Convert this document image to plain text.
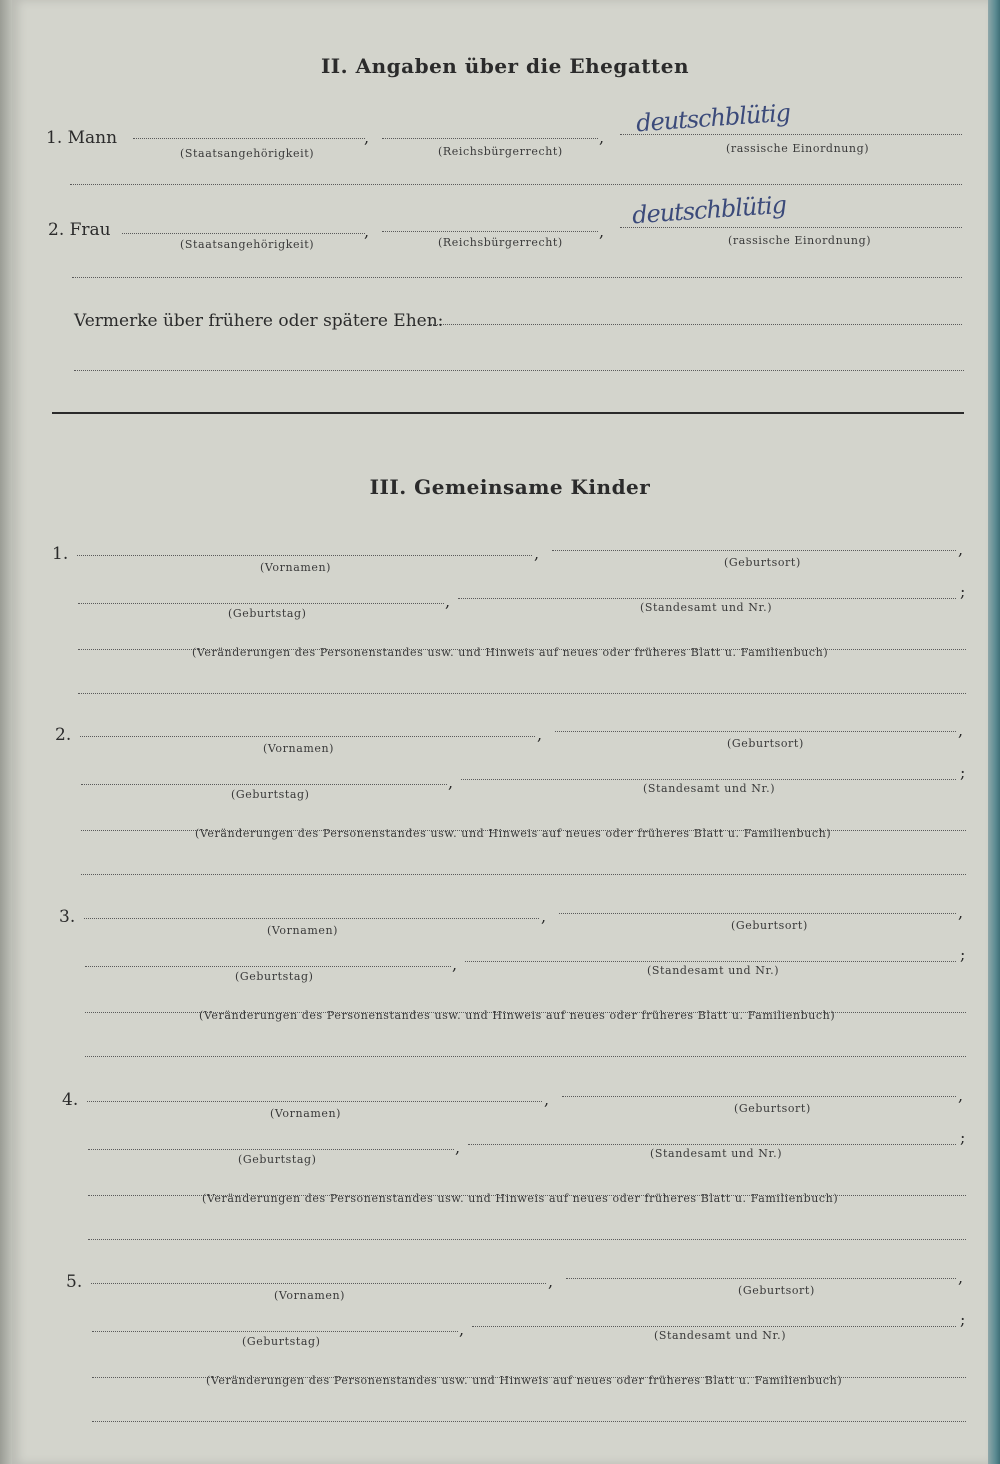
II. Angaben über die Ehegatten
1. Mann	,	,
deutschblütig
(Staatsangehörigkeit)	(Reichsbürgerrecht)	(rassische Einordnung)
2. Frau	,	,
deutschblütig
(Staatsangehörigkeit)	(Reichsbürgerrecht)	(rassische Einordnung)
Vermerke über frühere oder spätere Ehen:
III. Gemeinsame Kinder
1.	,	,
(Vornamen)	(Geburtsort)
,
;
(Geburtstag)	(Standesamt und Nr.)
(Veränderungen des Personenstandes usw. und Hinweis auf neues oder früheres Blatt u. Familienbuch)
2.	,	,
(Vornamen)	(Geburtsort)
,
;
(Geburtstag)	(Standesamt und Nr.)
(Veränderungen des Personenstandes usw. und Hinweis auf neues oder früheres Blatt u. Familienbuch)
3.	,	,
(Vornamen)	(Geburtsort)
,
;
(Geburtstag)	(Standesamt und Nr.)
(Veränderungen des Personenstandes usw. und Hinweis auf neues oder früheres Blatt u. Familienbuch)
4.	,	,
(Vornamen)	(Geburtsort)
,
;
(Geburtstag)	(Standesamt und Nr.)
(Veränderungen des Personenstandes usw. und Hinweis auf neues oder früheres Blatt u. Familienbuch)
5.	,	,
(Vornamen)	(Geburtsort)
,
;
(Geburtstag)	(Standesamt und Nr.)
(Veränderungen des Personenstandes usw. und Hinweis auf neues oder früheres Blatt u. Familienbuch)
